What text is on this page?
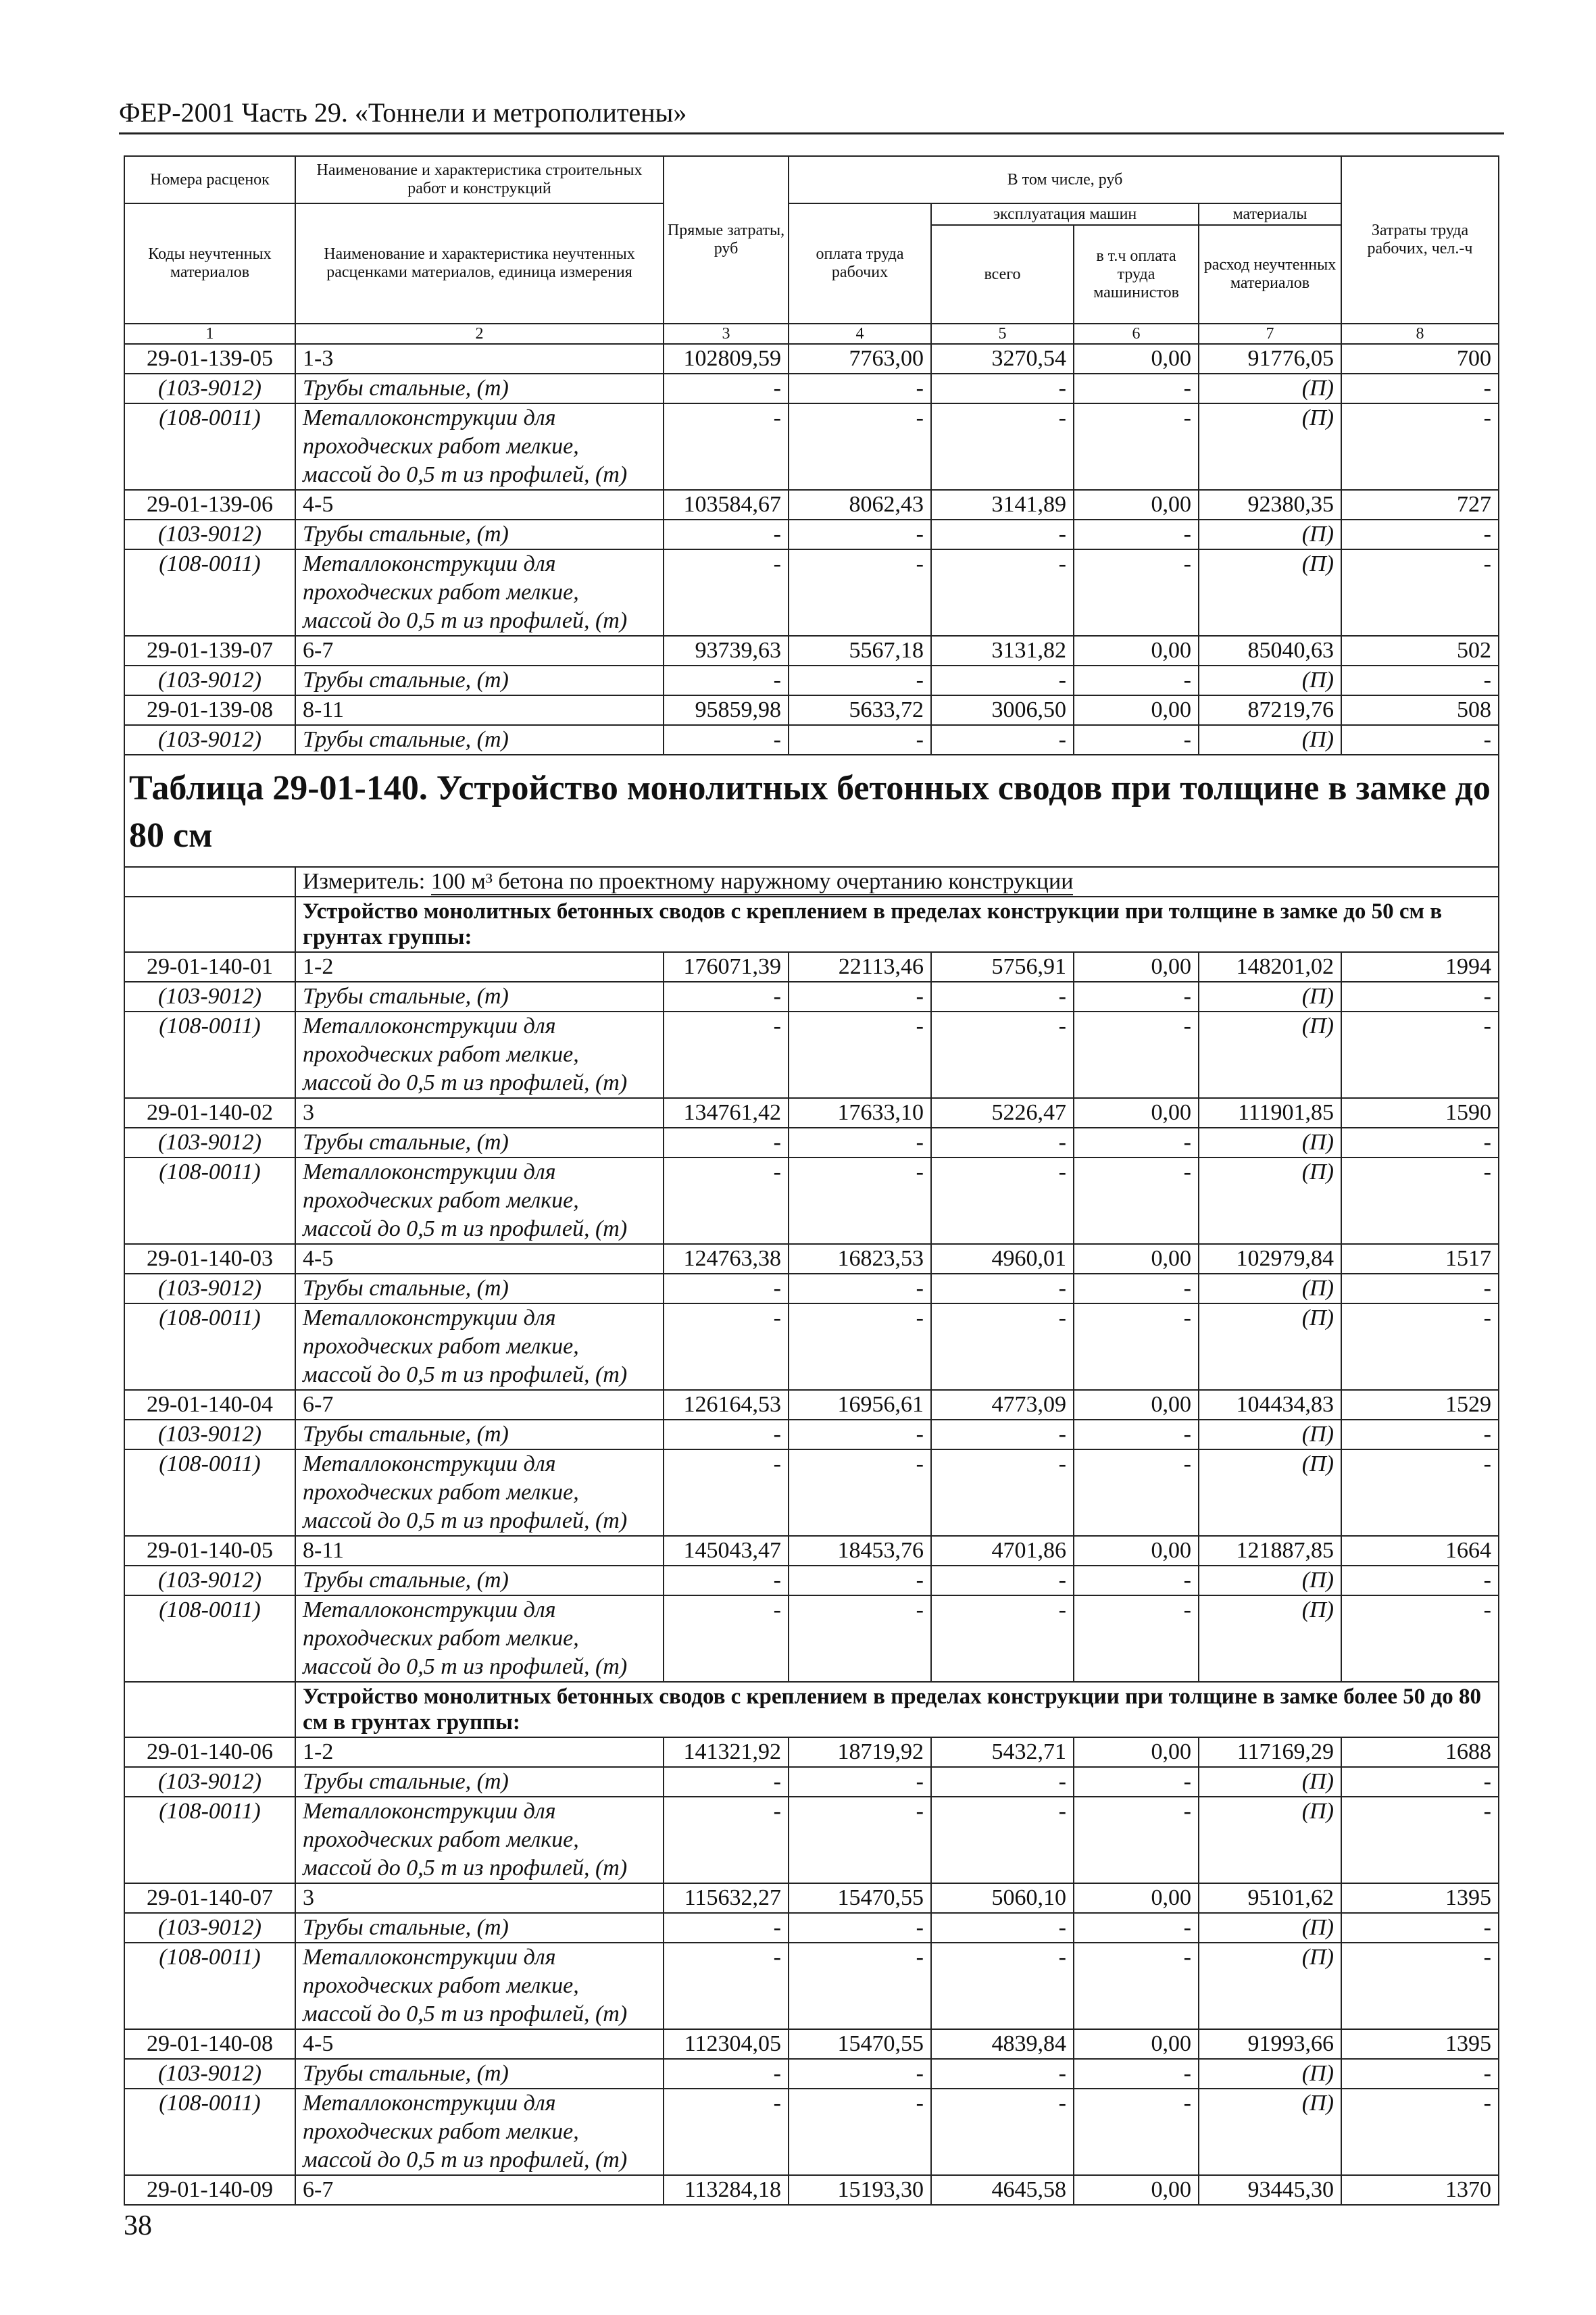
ФЕР-2001 Часть 29. «Тоннели и метрополитены»
Номера расценок	Наименование и характеристика строительных работ и конструкций	Прямые затраты, руб	В том числе, руб				Затраты труда рабочих, чел.-ч
Коды неучтенных материалов	Наименование и характеристика неучтенных расценками материалов, единица измерения		оплата труда рабочих	эксплуатация машин		материалы	
				всего	в т.ч оплата труда машинистов	расход неучтенных материалов	
1	2	3	4	5	6	7	8
29-01-139-05	1-3	102809,59	7763,00	3270,54	0,00	91776,05	700
(103-9012)	Трубы стальные, (т)	-	-	-	-	(П)	-
(108-0011)	Металлоконструкции для
проходческих работ мелкие,
массой до 0,5 т из профилей, (т)	-	-	-	-	(П)	-
29-01-139-06	4-5	103584,67	8062,43	3141,89	0,00	92380,35	727
(103-9012)	Трубы стальные, (т)	-	-	-	-	(П)	-
(108-0011)	Металлоконструкции для
проходческих работ мелкие,
массой до 0,5 т из профилей, (т)	-	-	-	-	(П)	-
29-01-139-07	6-7	93739,63	5567,18	3131,82	0,00	85040,63	502
(103-9012)	Трубы стальные, (т)	-	-	-	-	(П)	-
29-01-139-08	8-11	95859,98	5633,72	3006,50	0,00	87219,76	508
(103-9012)	Трубы стальные, (т)	-	-	-	-	(П)	-
Таблица 29-01-140. Устройство монолитных бетонных сводов при толщине в замке до 80 см							
	Измеритель: 100 м³ бетона по проектному наружному очертанию конструкции						
	Устройство монолитных бетонных сводов с креплением в пределах конструкции при толщине в замке до 50 см в грунтах группы:						
29-01-140-01	1-2	176071,39	22113,46	5756,91	0,00	148201,02	1994
(103-9012)	Трубы стальные, (т)	-	-	-	-	(П)	-
(108-0011)	Металлоконструкции для
проходческих работ мелкие,
массой до 0,5 т из профилей, (т)	-	-	-	-	(П)	-
29-01-140-02	3	134761,42	17633,10	5226,47	0,00	111901,85	1590
(103-9012)	Трубы стальные, (т)	-	-	-	-	(П)	-
(108-0011)	Металлоконструкции для
проходческих работ мелкие,
массой до 0,5 т из профилей, (т)	-	-	-	-	(П)	-
29-01-140-03	4-5	124763,38	16823,53	4960,01	0,00	102979,84	1517
(103-9012)	Трубы стальные, (т)	-	-	-	-	(П)	-
(108-0011)	Металлоконструкции для
проходческих работ мелкие,
массой до 0,5 т из профилей, (т)	-	-	-	-	(П)	-
29-01-140-04	6-7	126164,53	16956,61	4773,09	0,00	104434,83	1529
(103-9012)	Трубы стальные, (т)	-	-	-	-	(П)	-
(108-0011)	Металлоконструкции для
проходческих работ мелкие,
массой до 0,5 т из профилей, (т)	-	-	-	-	(П)	-
29-01-140-05	8-11	145043,47	18453,76	4701,86	0,00	121887,85	1664
(103-9012)	Трубы стальные, (т)	-	-	-	-	(П)	-
(108-0011)	Металлоконструкции для
проходческих работ мелкие,
массой до 0,5 т из профилей, (т)	-	-	-	-	(П)	-
	Устройство монолитных бетонных сводов с креплением в пределах конструкции при толщине в замке более 50 до 80 см в грунтах группы:						
29-01-140-06	1-2	141321,92	18719,92	5432,71	0,00	117169,29	1688
(103-9012)	Трубы стальные, (т)	-	-	-	-	(П)	-
(108-0011)	Металлоконструкции для
проходческих работ мелкие,
массой до 0,5 т из профилей, (т)	-	-	-	-	(П)	-
29-01-140-07	3	115632,27	15470,55	5060,10	0,00	95101,62	1395
(103-9012)	Трубы стальные, (т)	-	-	-	-	(П)	-
(108-0011)	Металлоконструкции для
проходческих работ мелкие,
массой до 0,5 т из профилей, (т)	-	-	-	-	(П)	-
29-01-140-08	4-5	112304,05	15470,55	4839,84	0,00	91993,66	1395
(103-9012)	Трубы стальные, (т)	-	-	-	-	(П)	-
(108-0011)	Металлоконструкции для
проходческих работ мелкие,
массой до 0,5 т из профилей, (т)	-	-	-	-	(П)	-
29-01-140-09	6-7	113284,18	15193,30	4645,58	0,00	93445,30	1370
38
